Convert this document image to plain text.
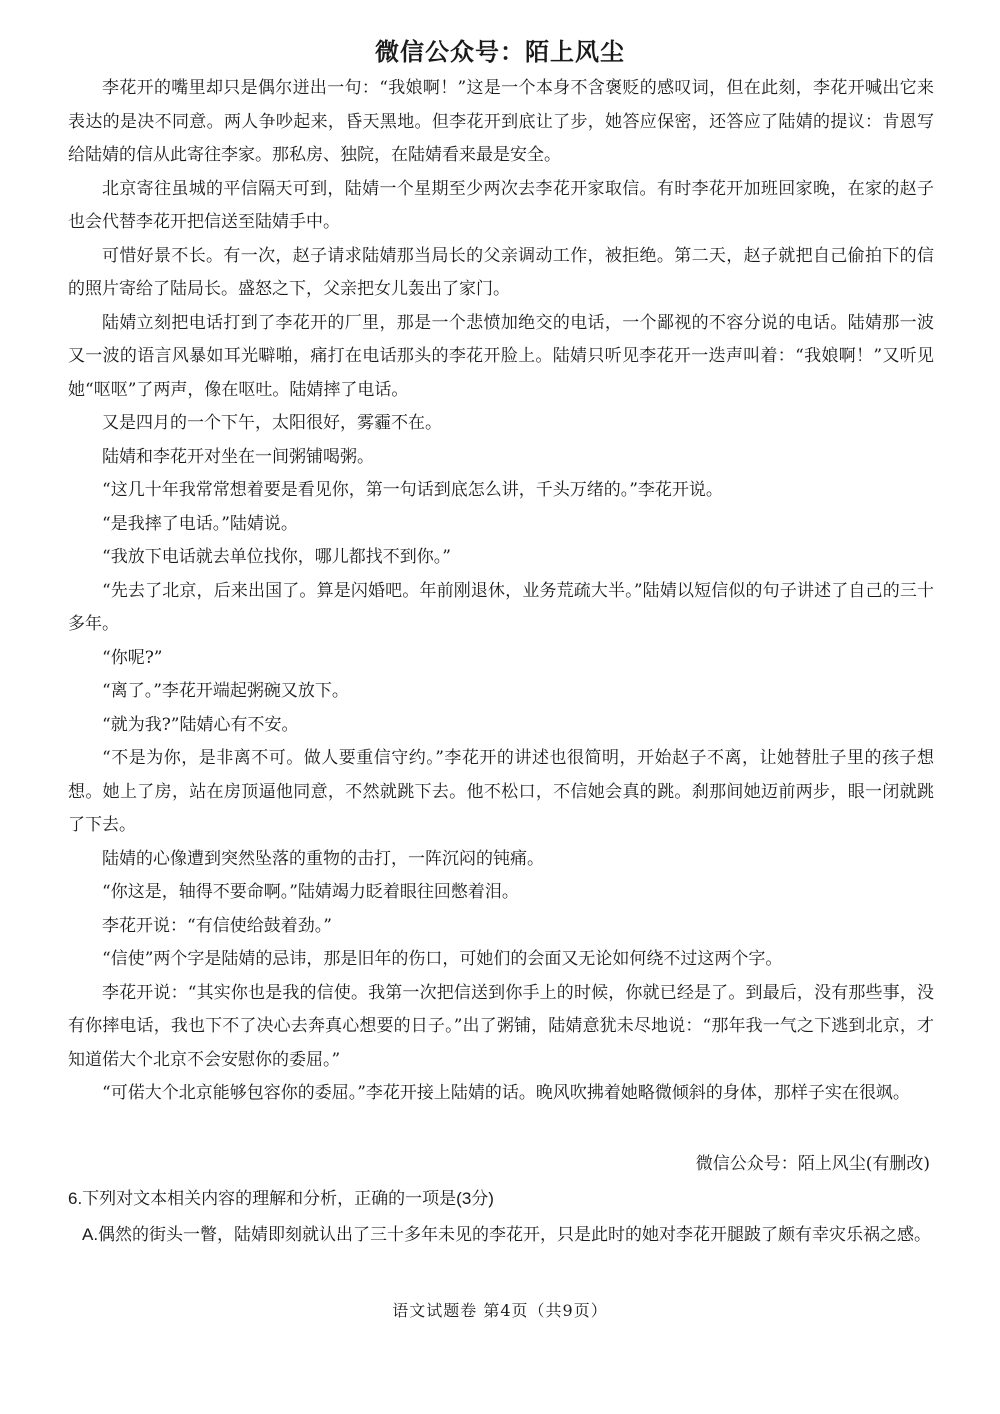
微信公众号：陌上风尘

李花开的嘴里却只是偶尔迸出一句：“我娘啊！”这是一个本身不含褒贬的感叹词，但在此刻，李花开喊出它来表达的是决不同意。两人争吵起来，昏天黑地。但李花开到底让了步，她答应保密，还答应了陆婧的提议：肯恩写给陆婧的信从此寄往李家。那私房、独院，在陆婧看来最是安全。

北京寄往虽城的平信隔天可到，陆婧一个星期至少两次去李花开家取信。有时李花开加班回家晚，在家的赵子也会代替李花开把信送至陆婧手中。

可惜好景不长。有一次，赵子请求陆婧那当局长的父亲调动工作，被拒绝。第二天，赵子就把自己偷拍下的信的照片寄给了陆局长。盛怒之下，父亲把女儿轰出了家门。

陆婧立刻把电话打到了李花开的厂里，那是一个悲愤加绝交的电话，一个鄙视的不容分说的电话。陆婧那一波又一波的语言风暴如耳光噼啪，痛打在电话那头的李花开脸上。陆婧只听见李花开一迭声叫着：“我娘啊！”又听见她“呕呕”了两声，像在呕吐。陆婧摔了电话。

又是四月的一个下午，太阳很好，雾霾不在。

陆婧和李花开对坐在一间粥铺喝粥。

“这几十年我常常想着要是看见你，第一句话到底怎么讲，千头万绪的。”李花开说。

“是我摔了电话。”陆婧说。

“我放下电话就去单位找你，哪儿都找不到你。”

“先去了北京，后来出国了。算是闪婚吧。年前刚退休，业务荒疏大半。”陆婧以短信似的句子讲述了自己的三十多年。

“你呢?”

“离了。”李花开端起粥碗又放下。

“就为我?”陆婧心有不安。

“不是为你，是非离不可。做人要重信守约。”李花开的讲述也很简明，开始赵子不离，让她替肚子里的孩子想想。她上了房，站在房顶逼他同意，不然就跳下去。他不松口，不信她会真的跳。刹那间她迈前两步，眼一闭就跳了下去。

陆婧的心像遭到突然坠落的重物的击打，一阵沉闷的钝痛。

“你这是，轴得不要命啊。”陆婧竭力眨着眼往回憋着泪。

李花开说：“有信使给鼓着劲。”

“信使”两个字是陆婧的忌讳，那是旧年的伤口，可她们的会面又无论如何绕不过这两个字。

李花开说：“其实你也是我的信使。我第一次把信送到你手上的时候，你就已经是了。到最后，没有那些事，没有你摔电话，我也下不了决心去奔真心想要的日子。”出了粥铺，陆婧意犹未尽地说：“那年我一气之下逃到北京，才知道偌大个北京不会安慰你的委屈。”

“可偌大个北京能够包容你的委屈。”李花开接上陆婧的话。晚风吹拂着她略微倾斜的身体，那样子实在很飒。

微信公众号：陌上风尘(有删改)

6.下列对文本相关内容的理解和分析，正确的一项是(3分)

A.偶然的街头一瞥，陆婧即刻就认出了三十多年未见的李花开，只是此时的她对李花开腿跛了颇有幸灾乐祸之感。

语文试题卷 第4页（共9页）
